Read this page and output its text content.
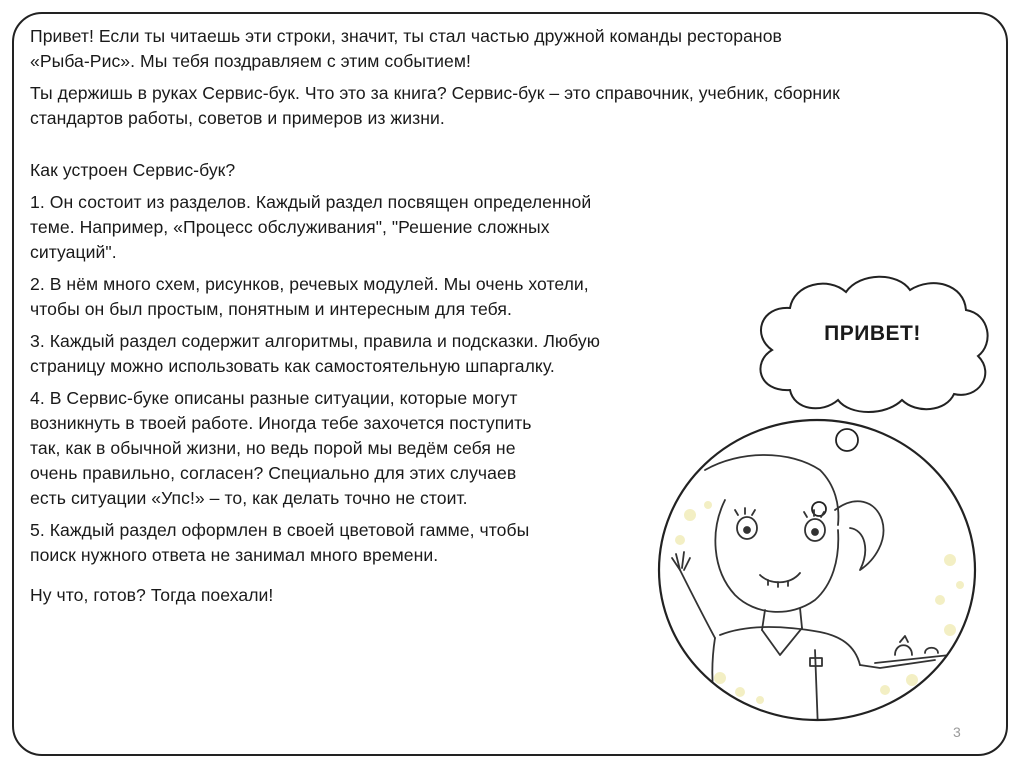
Привет! Если ты читаешь эти строки, значит, ты стал частью дружной команды ресторанов
«Рыба-Рис». Мы тебя поздравляем с этим событием!

Ты держишь в руках Сервис-бук. Что это за книга? Сервис-бук – это справочник, учебник, сборник
стандартов работы, советов и примеров из жизни.

Как устроен Сервис-бук?

1. Он состоит из разделов. Каждый раздел посвящен определенной
теме. Например, «Процесс обслуживания", "Решение сложных
ситуаций".

2. В нём много схем, рисунков, речевых модулей. Мы очень хотели,
чтобы он был простым, понятным и интересным для тебя.

3. Каждый раздел содержит алгоритмы, правила и подсказки. Любую
страницу можно использовать как самостоятельную шпаргалку.

4. В Сервис-буке описаны разные ситуации, которые могут
возникнуть в твоей работе. Иногда тебе захочется поступить
так, как в обычной жизни, но ведь порой мы ведём себя не
очень правильно, согласен? Специально для этих случаев
есть ситуации «Упс!» – то, как делать точно не стоит.

5. Каждый раздел оформлен в своей цветовой гамме, чтобы
поиск нужного ответа не занимал много времени.

Ну что, готов? Тогда поехали!

ПРИВЕТ!
3
